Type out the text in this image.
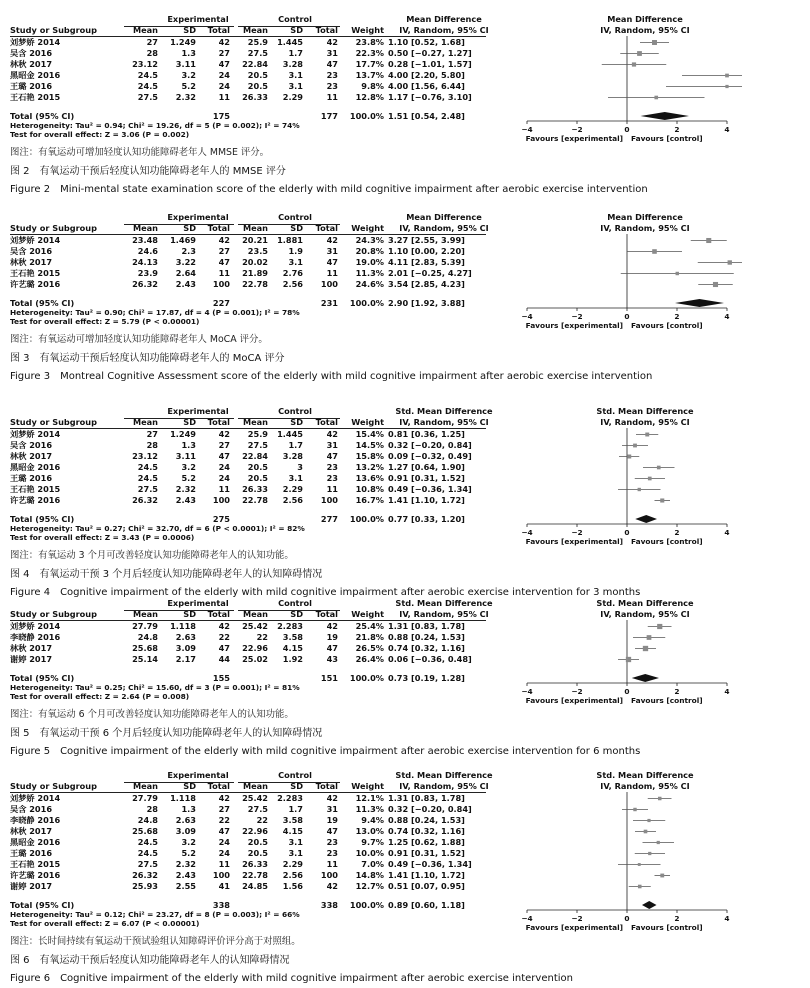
Experimental	Control	Mean Difference	Mean Difference
Study or Subgroup	Mean	SD	Total	Mean	SD	Total	Weight	IV, Random, 95% CI	IV, Random, 95% CI
刘梦娇 2014	27	1.249	42	25.9	1.445	42	23.8% 1.10 [0.52, 1.68]
吴含 2016	28	1.3	27	27.5	1.7	31	22.3% 0.50 [−0.27, 1.27]
林秋 2017	23.12	3.11	47	22.84	3.28	47	17.7% 0.28 [−1.01, 1.57]
黑昭金 2016	24.5	3.2	24	20.5	3.1	23	13.7% 4.00 [2.20, 5.80]
王璐 2016	24.5	5.2	24	20.5	3.1	23	9.8% 4.00 [1.56, 6.44]
王石艳 2015	27.5	2.32	11	26.33	2.29	11	12.8% 1.17 [−0.76, 3.10]
Total (95% CI)	175	177	100.0% 1.51 [0.54, 2.48]
Heterogeneity: Tau² = 0.94; Chi² = 19.26, df = 5 (P = 0.002); I² = 74%
Test for overall effect: Z = 3.06 (P = 0.002)
−4	−2	0	2	4
Favours [experimental] Favours [control]
图注：有氧运动可增加轻度认知功能障碍老年人 MMSE 评分。
图 2　有氧运动干预后轻度认知功能障碍老年人的 MMSE 评分
Figure 2　Mini-mental state examination score of the elderly with mild cognitive impairment after aerobic exercise intervention
Experimental	Control	Mean Difference	Mean Difference
Study or Subgroup	Mean	SD	Total	Mean	SD	Total	Weight	IV, Random, 95% CI	IV, Random, 95% CI
刘梦娇 2014	23.48	1.469	42	20.21	1.881	42	24.3% 3.27 [2.55, 3.99]
吴含 2016	24.6	2.3	27	23.5	1.9	31	20.8% 1.10 [0.00, 2.20]
林秋 2017	24.13	3.22	47	20.02	3.1	47	19.0% 4.11 [2.83, 5.39]
王石艳 2015	23.9	2.64	11	21.89	2.76	11	11.3% 2.01 [−0.25, 4.27]
许艺璐 2016	26.32	2.43	100	22.78	2.56	100	24.6% 3.54 [2.85, 4.23]
Total (95% CI)	227	231	100.0% 2.90 [1.92, 3.88]
Heterogeneity: Tau² = 0.90; Chi² = 17.87, df = 4 (P = 0.001); I² = 78%
Test for overall effect: Z = 5.79 (P < 0.00001)
−4	−2	0	2	4
Favours [experimental] Favours [control]
图注：有氧运动可增加轻度认知功能障碍老年人 MoCA 评分。
图 3　有氧运动干预后轻度认知功能障碍老年人的 MoCA 评分
Figure 3　Montreal Cognitive Assessment score of the elderly with mild cognitive impairment after aerobic exercise intervention
Experimental	Control	Std. Mean Difference	Std. Mean Difference
Study or Subgroup	Mean	SD	Total	Mean	SD	Total	Weight	IV, Random, 95% CI	IV, Random, 95% CI
刘梦娇 2014	27	1.249	42	25.9	1.445	42	15.4% 0.81 [0.36, 1.25]
吴含 2016	28	1.3	27	27.5	1.7	31	14.5% 0.32 [−0.20, 0.84]
林秋 2017	23.12	3.11	47	22.84	3.28	47	15.8% 0.09 [−0.32, 0.49]
黑昭金 2016	24.5	3.2	24	20.5	3	23	13.2% 1.27 [0.64, 1.90]
王璐 2016	24.5	5.2	24	20.5	3.1	23	13.6% 0.91 [0.31, 1.52]
王石艳 2015	27.5	2.32	11	26.33	2.29	11	10.8% 0.49 [−0.36, 1.34]
许艺璐 2016	26.32	2.43	100	22.78	2.56	100	16.7% 1.41 [1.10, 1.72]
Total (95% CI)	275	277	100.0% 0.77 [0.33, 1.20]
Heterogeneity: Tau² = 0.27; Chi² = 32.70, df = 6 (P < 0.0001); I² = 82%
Test for overall effect: Z = 3.43 (P = 0.0006)
−4	−2	0	2	4
Favours [experimental] Favours [control]
图注：有氧运动 3 个月可改善轻度认知功能障碍老年人的认知功能。
图 4　有氧运动干预 3 个月后轻度认知功能障碍老年人的认知障碍情况
Figure 4　Cognitive impairment of the elderly with mild cognitive impairment after aerobic exercise intervention for 3 months
Experimental	Control	Std. Mean Difference	Std. Mean Difference
Study or Subgroup	Mean	SD	Total	Mean	SD	Total	Weight	IV, Random, 95% CI	IV, Random, 95% CI
刘梦娇 2014	27.79	1.118	42	25.42	2.283	42	25.4% 1.31 [0.83, 1.78]
李晓静 2016	24.8	2.63	22	22	3.58	19	21.8% 0.88 [0.24, 1.53]
林秋 2017	25.68	3.09	47	22.96	4.15	47	26.5% 0.74 [0.32, 1.16]
谢婷 2017	25.14	2.17	44	25.02	1.92	43	26.4% 0.06 [−0.36, 0.48]
Total (95% CI)	155	151	100.0% 0.73 [0.19, 1.28]
Heterogeneity: Tau² = 0.25; Chi² = 15.60, df = 3 (P = 0.001); I² = 81%
Test for overall effect: Z = 2.64 (P = 0.008)
−4	−2	0	2	4
Favours [experimental] Favours [control]
图注：有氧运动 6 个月可改善轻度认知功能障碍老年人的认知功能。
图 5　有氧运动干预 6 个月后轻度认知功能障碍老年人的认知障碍情况
Figure 5　Cognitive impairment of the elderly with mild cognitive impairment after aerobic exercise intervention for 6 months
Experimental	Control	Std. Mean Difference	Std. Mean Difference
Study or Subgroup	Mean	SD	Total	Mean	SD	Total	Weight	IV, Random, 95% CI	IV, Random, 95% CI
刘梦娇 2014	27.79	1.118	42	25.42	2.283	42	12.1% 1.31 [0.83, 1.78]
吴含 2016	28	1.3	27	27.5	1.7	31	11.3% 0.32 [−0.20, 0.84]
李晓静 2016	24.8	2.63	22	22	3.58	19	9.4% 0.88 [0.24, 1.53]
林秋 2017	25.68	3.09	47	22.96	4.15	47	13.0% 0.74 [0.32, 1.16]
黑昭金 2016	24.5	3.2	24	20.5	3.1	23	9.7% 1.25 [0.62, 1.88]
王璐 2016	24.5	5.2	24	20.5	3.1	23	10.0% 0.91 [0.31, 1.52]
王石艳 2015	27.5	2.32	11	26.33	2.29	11	7.0% 0.49 [−0.36, 1.34]
许艺璐 2016	26.32	2.43	100	22.78	2.56	100	14.8% 1.41 [1.10, 1.72]
谢婷 2017	25.93	2.55	41	24.85	1.56	42	12.7% 0.51 [0.07, 0.95]
Total (95% CI)	338	338	100.0% 0.89 [0.60, 1.18]
Heterogeneity: Tau² = 0.12; Chi² = 23.27, df = 8 (P = 0.003); I² = 66%
Test for overall effect: Z = 6.07 (P < 0.00001)
−4	−2	0	2	4
Favours [experimental] Favours [control]
图注：长时间持续有氧运动干预试验组认知障碍评价评分高于对照组。
图 6　有氧运动干预后轻度认知功能障碍老年人的认知障碍情况
Figure 6　Cognitive impairment of the elderly with mild cognitive impairment after aerobic exercise intervention
